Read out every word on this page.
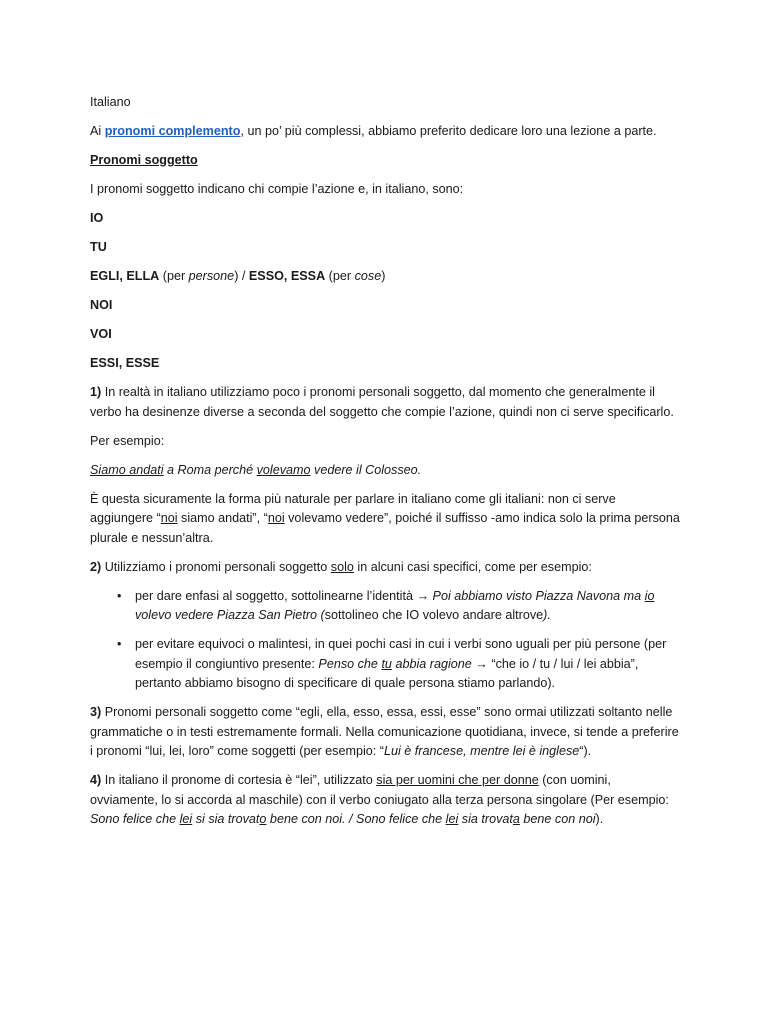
Italiano

Ai pronomi complemento, un po’ più complessi, abbiamo preferito dedicare loro una lezione a parte.

Pronomi soggetto

I pronomi soggetto indicano chi compie l’azione e, in italiano, sono:

IO

TU

EGLI, ELLA (per persone) / ESSO, ESSA (per cose)

NOI

VOI

ESSI, ESSE

1) In realtà in italiano utilizziamo poco i pronomi personali soggetto, dal momento che generalmente il verbo ha desinenze diverse a seconda del soggetto che compie l’azione, quindi non ci serve specificarlo.

Per esempio:

Siamo andati a Roma perché volevamo vedere il Colosseo.

È questa sicuramente la forma più naturale per parlare in italiano come gli italiani: non ci serve aggiungere “noi siamo andati”, “noi volevamo vedere”, poiché il suffisso -amo indica solo la prima persona plurale e nessun’altra.

2) Utilizziamo i pronomi personali soggetto solo in alcuni casi specifici, come per esempio:

• per dare enfasi al soggetto, sottolinearne l’identità → Poi abbiamo visto Piazza Navona ma io volevo vedere Piazza San Pietro (sottolineo che IO volevo andare altrove).
• per evitare equivoci o malintesi, in quei pochi casi in cui i verbi sono uguali per più persone (per esempio il congiuntivo presente: Penso che tu abbia ragione → “che io / tu / lui / lei abbia”, pertanto abbiamo bisogno di specificare di quale persona stiamo parlando).

3) Pronomi personali soggetto come “egli, ella, esso, essa, essi, esse” sono ormai utilizzati soltanto nelle grammatiche o in testi estremamente formali. Nella comunicazione quotidiana, invece, si tende a preferire i pronomi “lui, lei, loro” come soggetti (per esempio: “Lui è francese, mentre lei è inglese“).

4) In italiano il pronome di cortesia è “lei”, utilizzato sia per uomini che per donne (con uomini, ovviamente, lo si accorda al maschile) con il verbo coniugato alla terza persona singolare (Per esempio: Sono felice che lei si sia trovato bene con noi. / Sono felice che lei sia trovata bene con noi).
